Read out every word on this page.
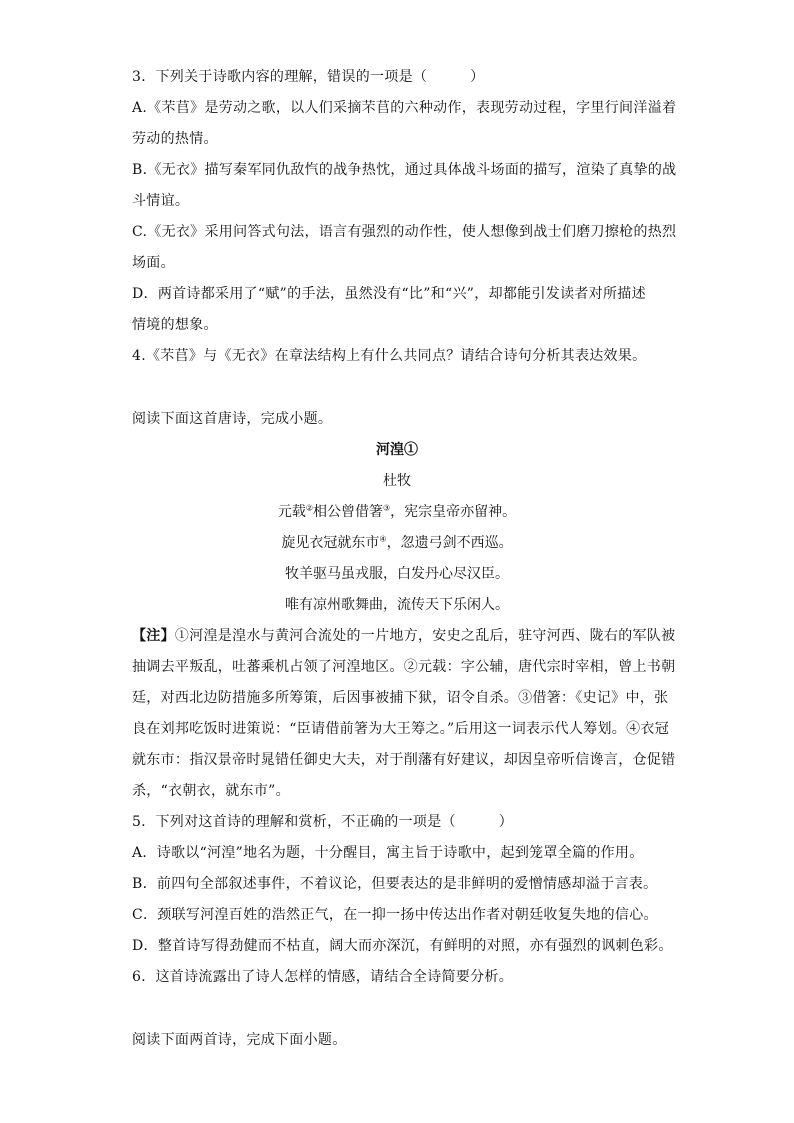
3．下列关于诗歌内容的理解，错误的一项是（　　　）
A.《芣苢》是劳动之歌，以人们采摘芣苢的六种动作，表现劳动过程，字里行间洋溢着
劳动的热情。
B.《无衣》描写秦军同仇敌忾的战争热忱，通过具体战斗场面的描写，渲染了真挚的战
斗情谊。
C.《无衣》采用问答式句法，语言有强烈的动作性，使人想像到战士们磨刀擦枪的热烈
场面。
D．两首诗都采用了“赋”的手法，虽然没有“比”和“兴”，却都能引发读者对所描述
情境的想象。
4.《芣苢》与《无衣》在章法结构上有什么共同点？请结合诗句分析其表达效果。
阅读下面这首唐诗，完成小题。
河湟①
杜牧
元载②相公曾借箸③，宪宗皇帝亦留神。
旋见衣冠就东市④，忽遗弓剑不西巡。
牧羊驱马虽戎服，白发丹心尽汉臣。
唯有凉州歌舞曲，流传天下乐闲人。
【注】①河湟是湟水与黄河合流处的一片地方，安史之乱后，驻守河西、陇右的军队被
抽调去平叛乱，吐蕃乘机占领了河湟地区。②元载：字公辅，唐代宗时宰相，曾上书朝
廷，对西北边防措施多所筹策，后因事被捕下狱，诏令自杀。③借箸：《史记》中，张
良在刘邦吃饭时进策说：“臣请借前箸为大王筹之。”后用这一词表示代人筹划。④衣冠
就东市：指汉景帝时晁错任御史大夫，对于削藩有好建议，却因皇帝听信谗言，仓促错
杀，“衣朝衣，就东市”。
5．下列对这首诗的理解和赏析，不正确的一项是（　　　）
A．诗歌以“河湟”地名为题，十分醒目，寓主旨于诗歌中，起到笼罩全篇的作用。
B．前四句全部叙述事件，不着议论，但要表达的是非鲜明的爱憎情感却溢于言表。
C．颈联写河湟百姓的浩然正气，在一抑一扬中传达出作者对朝廷收复失地的信心。
D．整首诗写得劲健而不枯直，阔大而亦深沉，有鲜明的对照，亦有强烈的讽刺色彩。
6．这首诗流露出了诗人怎样的情感，请结合全诗简要分析。
阅读下面两首诗，完成下面小题。
